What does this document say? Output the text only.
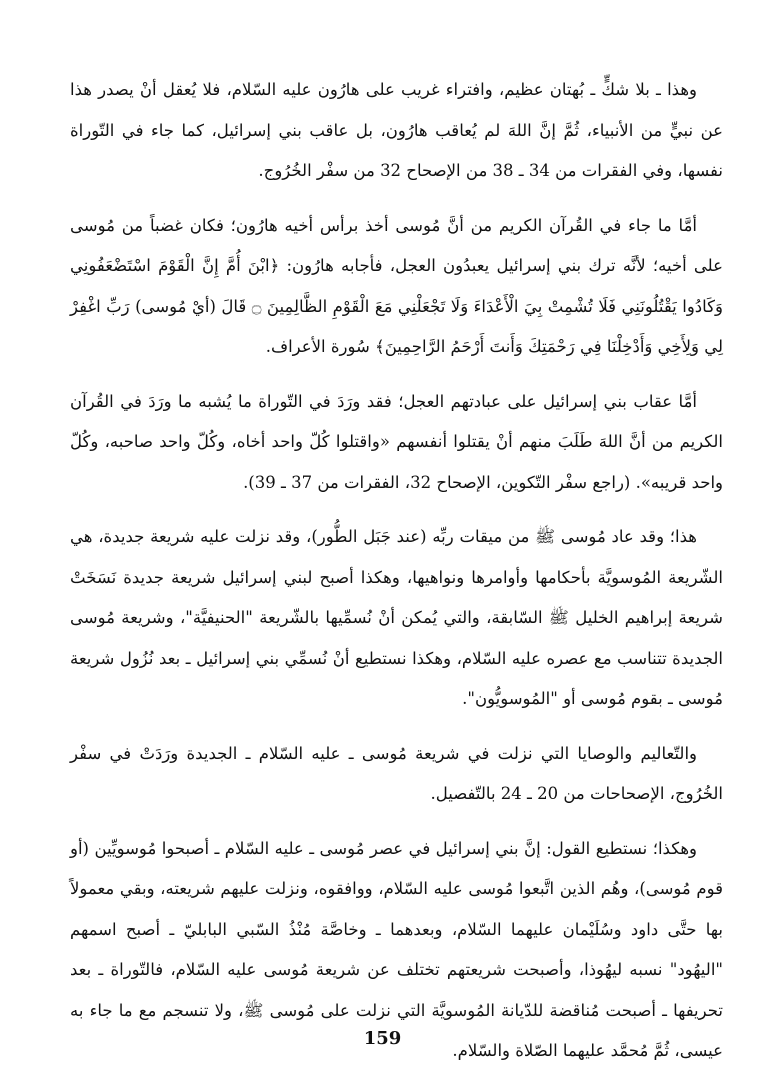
وهذا ـ بلا شكٍّ ـ بُهتان عظيم، وافتراء غريب على هارُون عليه السّلام، فلا يُعقل أنْ يصدر هذا عن نبيٍّ من الأنبياء، ثُمَّ إنَّ اللهَ لم يُعاقب هارُون، بل عاقب بني إسرائيل، كما جاء في التّوراة نفسها، وفي الفقرات من 34 ـ 38 من الإصحاح 32 من سفْر الخُرُوج.

أمَّا ما جاء في القُرآن الكريم من أنَّ مُوسى أخذ برأس أخيه هارُون؛ فكان غضباً من مُوسى على أخيه؛ لأنَّه ترك بني إسرائيل يعبدُون العجل، فأجابه هارُون: ﴿ابْنَ أُمَّ إِنَّ الْقَوْمَ اسْتَضْعَفُونِي وَكَادُوا يَقْتُلُونَنِي فَلَا تُشْمِتْ بِيَ الْأَعْدَاءَ وَلَا تَجْعَلْنِي مَعَ الْقَوْمِ الظَّالِمِينَ ۝ قَالَ (أيْ مُوسى) رَبِّ اغْفِرْ لِي وَلِأَخِي وَأَدْخِلْنَا فِي رَحْمَتِكَ وَأَنتَ أَرْحَمُ الرَّاحِمِينَ﴾ سُورة الأعراف.

أمَّا عقاب بني إسرائيل على عبادتهم العجل؛ فقد ورَدَ في التّوراة ما يُشبه ما ورَدَ في القُرآن الكريم من أنَّ اللهَ طَلَبَ منهم أنْ يقتلوا أنفسهم «واقتلوا كُلّ واحد أخاه، وكُلّ واحد صاحبه، وكُلّ واحد قريبه». (راجع سفْر التّكوين، الإصحاح 32، الفقرات من 37 ـ 39).

هذا؛ وقد عاد مُوسى ﷺ من ميقات ربِّه (عند جَبَل الطُّور)، وقد نزلت عليه شريعة جديدة، هي الشّريعة المُوسويَّة بأحكامها وأوامرها ونواهيها، وهكذا أصبح لبني إسرائيل شريعة جديدة نَسَخَتْ شريعة إبراهيم الخليل ﷺ السّابقة، والتي يُمكن أنْ نُسمِّيها بالشّريعة "الحنيفيَّة"، وشريعة مُوسى الجديدة تتناسب مع عصره عليه السّلام، وهكذا نستطيع أنْ نُسمِّي بني إسرائيل ـ بعد نُزُول شريعة مُوسى ـ بقوم مُوسى أو "المُوسويُّون".

والتّعاليم والوصايا التي نزلت في شريعة مُوسى ـ عليه السّلام ـ الجديدة ورَدَتْ في سفْر الخُرُوج، الإصحاحات من 20 ـ 24 بالتّفصيل.

وهكذا؛ نستطيع القول: إنَّ بني إسرائيل في عصر مُوسى ـ عليه السّلام ـ أصبحوا مُوسويِّين (أو قوم مُوسى)، وهُم الذين اتَّبعوا مُوسى عليه السّلام، ووافقوه، ونزلت عليهم شريعته، وبقي معمولاً بها حتَّى داود وسُلَيْمان عليهما السّلام، وبعدهما ـ وخاصَّة مُنْذُ السّبي البابليّ ـ أصبح اسمهم "اليهُود" نسبه ليهُوذا، وأصبحت شريعتهم تختلف عن شريعة مُوسى عليه السّلام، فالتّوراة ـ بعد تحريفها ـ أصبحت مُناقضة للدّيانة المُوسويَّة التي نزلت على مُوسى ﷺ، ولا تنسجم مع ما جاء به عيسى، ثُمَّ مُحمَّد عليهما الصّلاة والسّلام.

159
